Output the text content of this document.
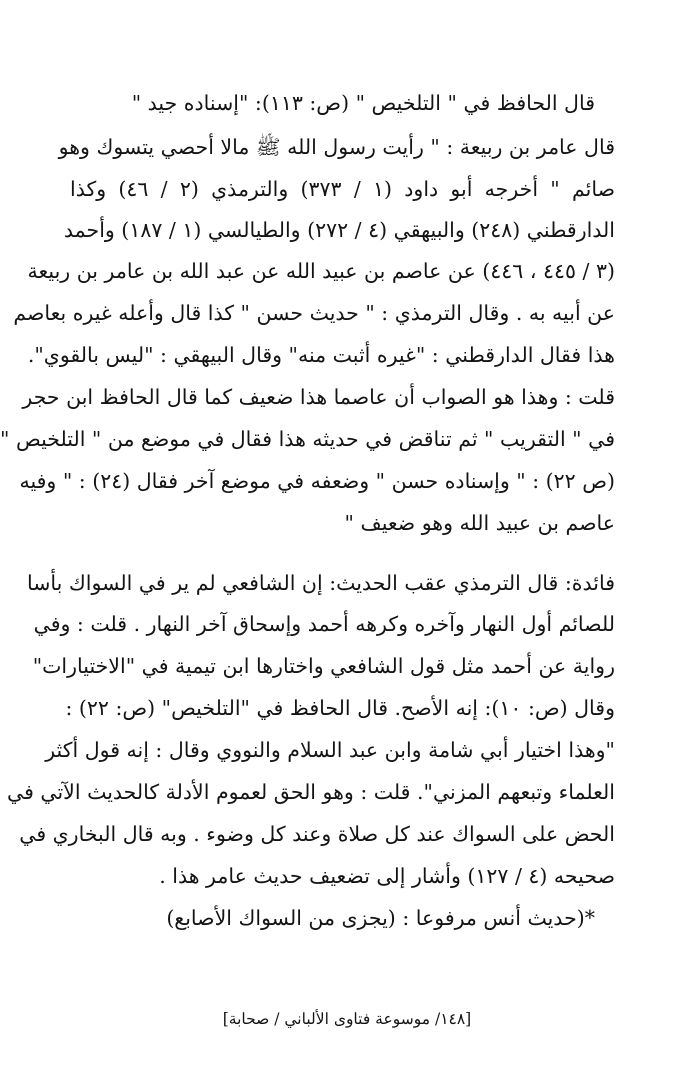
قال الحافظ في " التلخيص " (ص: ١١٣): "إسناده جيد "
قال عامر بن ربيعة : " رأيت رسول الله ﷺ مالا أحصي يتسوك وهو
صائم " أخرجه أبو داود (١ / ٣٧٣) والترمذي (٢ / ٤٦) وكذا
الدارقطني (٢٤٨) والبيهقي (٤ / ٢٧٢) والطيالسي (١ / ١٨٧) وأحمد
(٣ / ٤٤٥ ، ٤٤٦) عن عاصم بن عبيد الله عن عبد الله بن عامر بن ربيعة
عن أبيه به . وقال الترمذي : " حديث حسن " كذا قال وأعله غيره بعاصم
هذا فقال الدارقطني : "غيره أثبت منه" وقال البيهقي : "ليس بالقوي".
قلت : وهذا هو الصواب أن عاصما هذا ضعيف كما قال الحافظ ابن حجر
في " التقريب " ثم تناقض في حديثه هذا فقال في موضع من " التلخيص "
(ص ٢٢) : " وإسناده حسن " وضعفه في موضع آخر فقال (٢٤) : " وفيه
عاصم بن عبيد الله وهو ضعيف "
فائدة: قال الترمذي عقب الحديث: إن الشافعي لم ير في السواك بأسا
للصائم أول النهار وآخره وكرهه أحمد وإسحاق آخر النهار . قلت : وفي
رواية عن أحمد مثل قول الشافعي واختارها ابن تيمية في "الاختيارات"
وقال (ص: ١٠): إنه الأصح. قال الحافظ في "التلخيص" (ص: ٢٢) :
"وهذا اختيار أبي شامة وابن عبد السلام والنووي وقال : إنه قول أكثر
العلماء وتبعهم المزني". قلت : وهو الحق لعموم الأدلة كالحديث الآتي في
الحض على السواك عند كل صلاة وعند كل وضوء . وبه قال البخاري في
صحيحه (٤ / ١٢٧) وأشار إلى تضعيف حديث عامر هذا .
*(حديث أنس مرفوعا : (يجزى من السواك الأصابع)
[١٤٨/ موسوعة فتاوى الألباني / صحابة]
